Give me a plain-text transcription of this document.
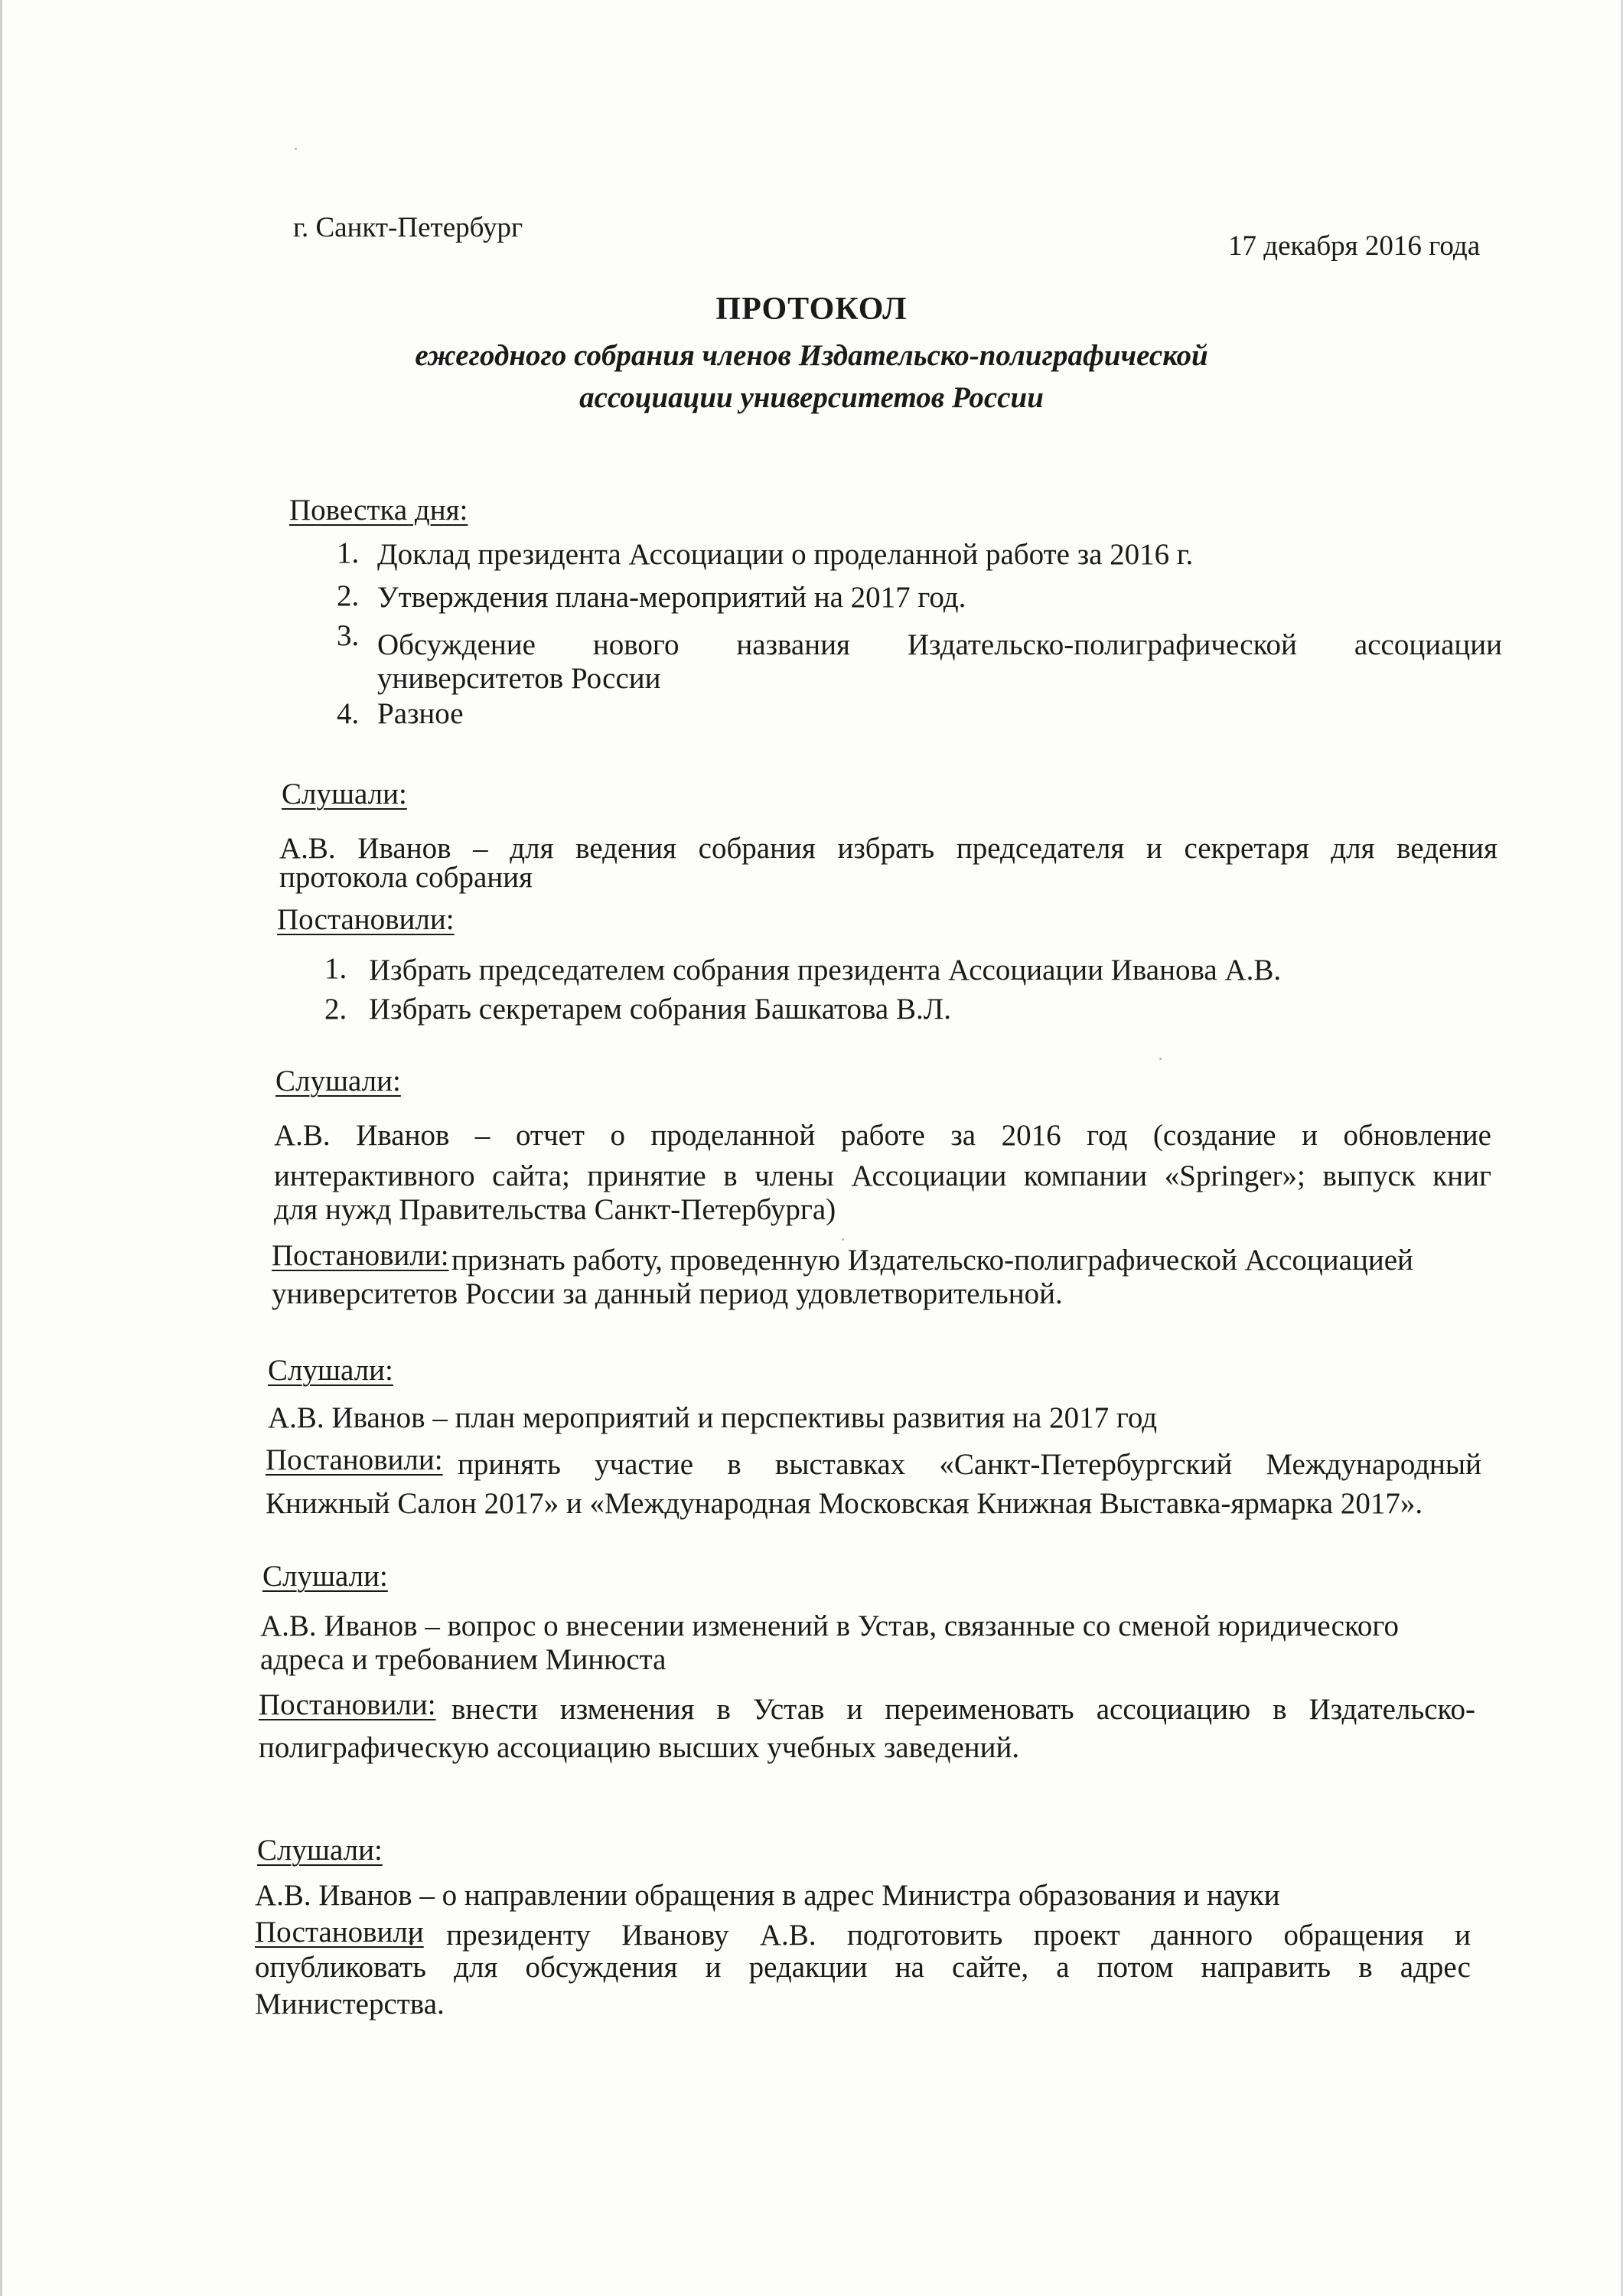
г. Санкт-Петербург
17 декабря 2016 года
ПРОТОКОЛ
ежегодного собрания членов Издательско-полиграфической
ассоциации университетов России
Повестка дня:
1. Доклад президента Ассоциации о проделанной работе за 2016 г.
2. Утверждения плана-мероприятий на 2017 год.
3. Обсуждение нового названия Издательско-полиграфической ассоциации
университетов России
4. Разное
Слушали:
А.В. Иванов – для ведения собрания избрать председателя и секретаря для ведения
протокола собрания
Постановили:
1. Избрать председателем собрания президента Ассоциации Иванова А.В.
2. Избрать секретарем собрания Башкатова В.Л.
Слушали:
А.В. Иванов – отчет о проделанной работе за 2016 год (создание и обновление
интерактивного сайта; принятие в члены Ассоциации компании «Springer»; выпуск книг
для нужд Правительства Санкт-Петербурга)
Постановили: признать работу, проведенную Издательско-полиграфической Ассоциацией
университетов России за данный период удовлетворительной.
Слушали:
А.В. Иванов – план мероприятий и перспективы развития на 2017 год
Постановили: принять участие в выставках «Санкт-Петербургский Международный
Книжный Салон 2017» и «Международная Московская Книжная Выставка-ярмарка 2017».
Слушали:
А.В. Иванов – вопрос о внесении изменений в Устав, связанные со сменой юридического
адреса и требованием Минюста
Постановили: внести изменения в Устав и переименовать ассоциацию в Издательско-
полиграфическую ассоциацию высших учебных заведений.
Слушали:
А.В. Иванов – о направлении обращения в адрес Министра образования и науки
Постановили
: президенту Иванову А.В. подготовить проект данного обращения и
опубликовать для обсуждения и редакции на сайте, а потом направить в адрес
Министерства.
